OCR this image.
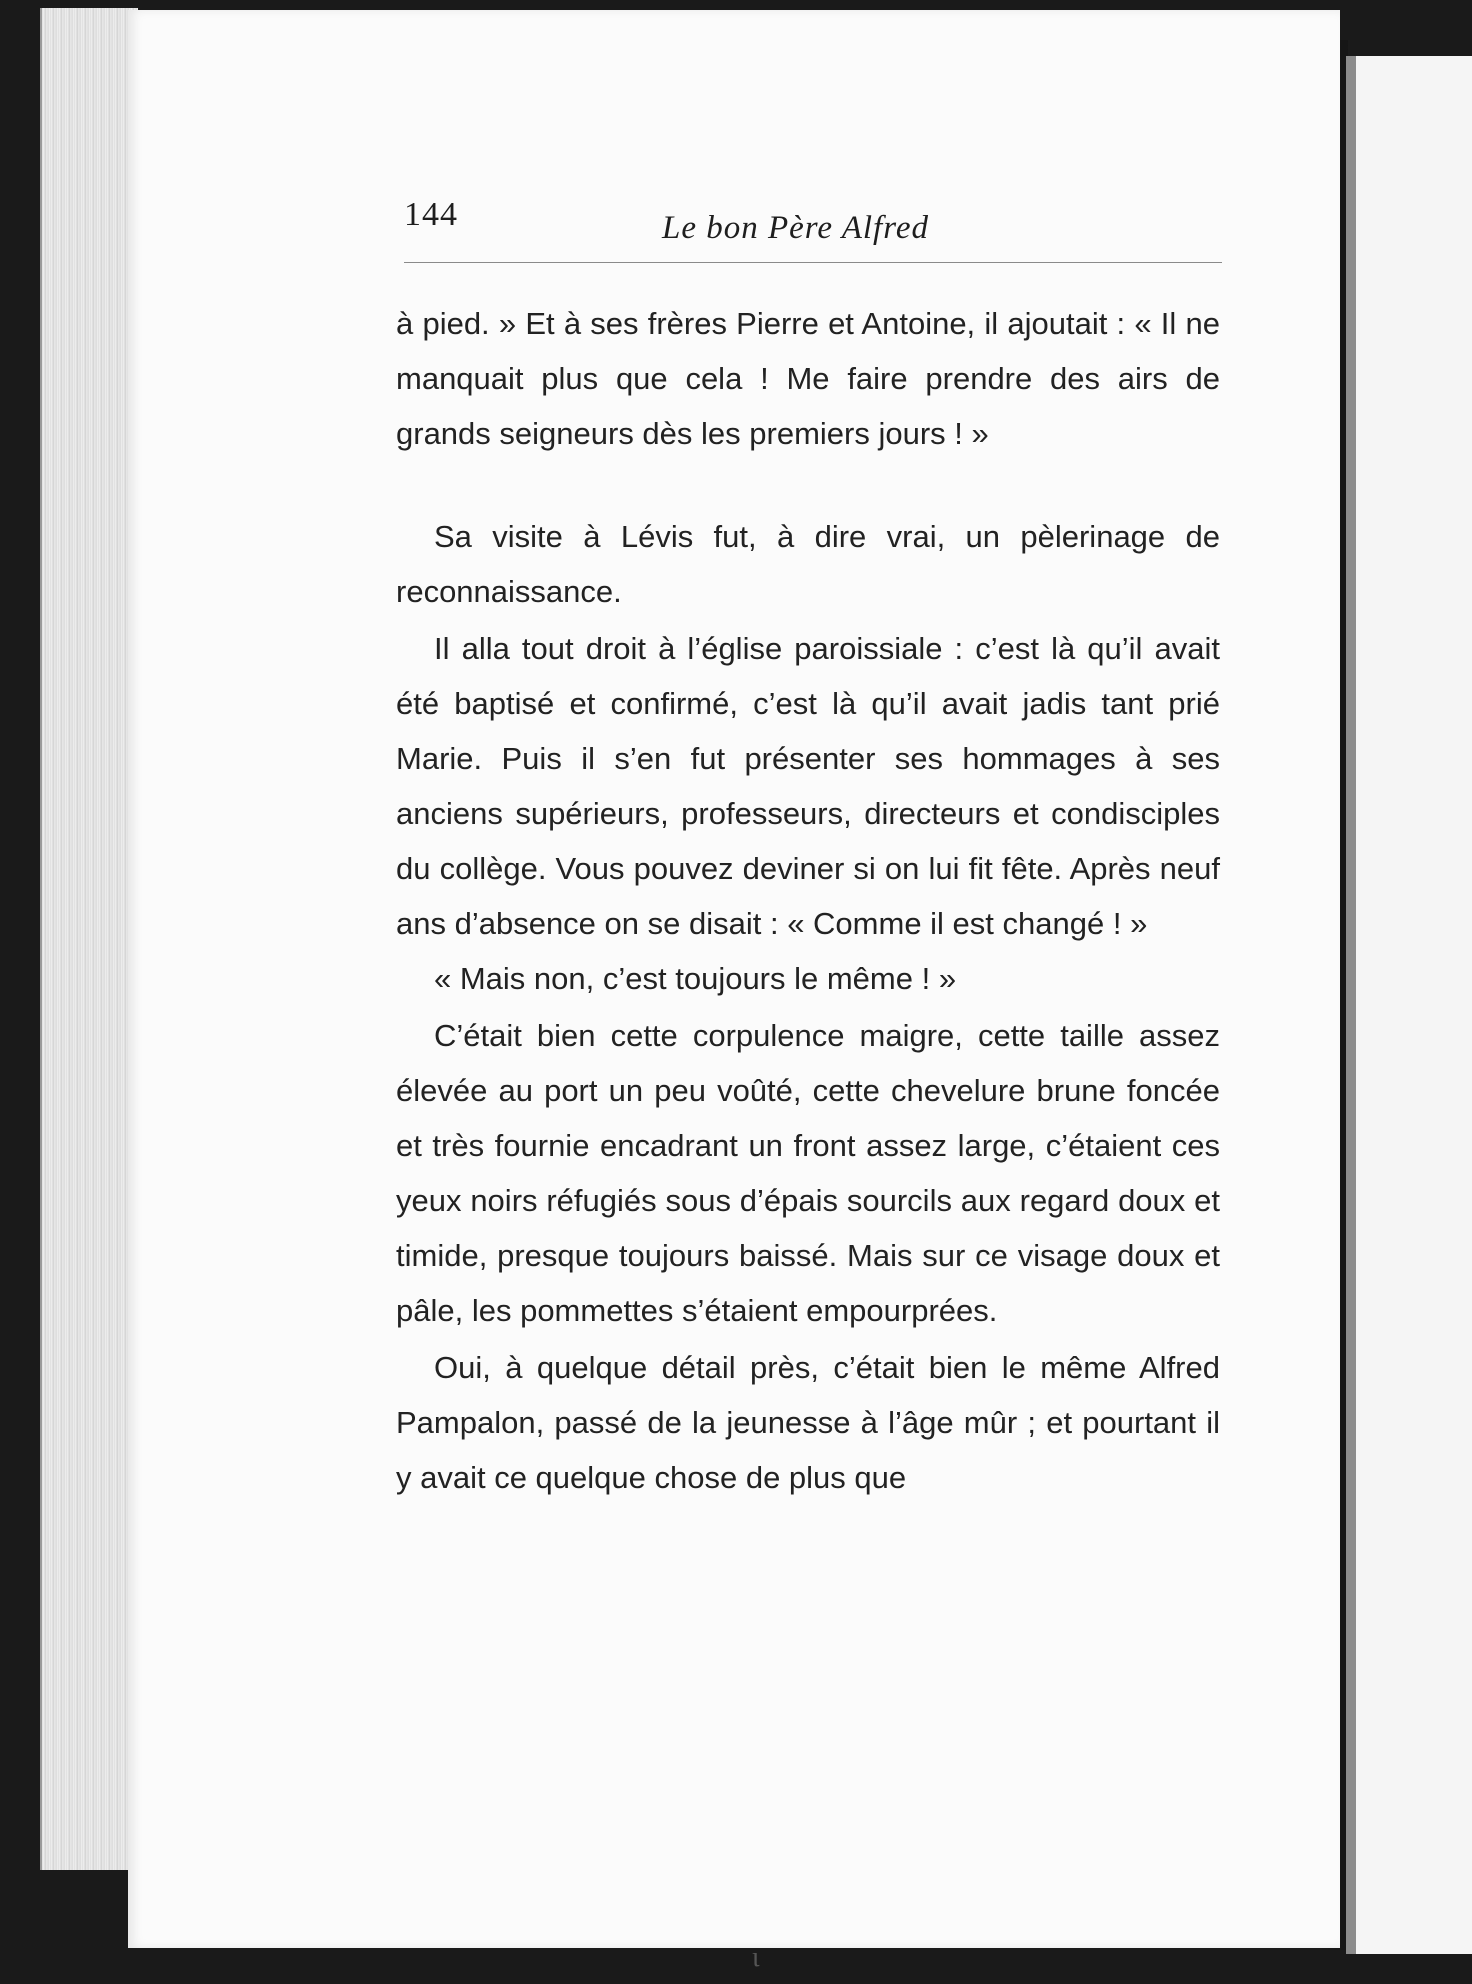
144	Le bon Père Alfred

à pied. » Et à ses frères Pierre et Antoine, il ajoutait : « Il ne manquait plus que cela ! Me faire prendre des airs de grands seigneurs dès les premiers jours ! »

Sa visite à Lévis fut, à dire vrai, un pèlerinage de reconnaissance.

Il alla tout droit à l’église paroissiale : c’est là qu’il avait été baptisé et confirmé, c’est là qu’il avait jadis tant prié Marie. Puis il s’en fut présenter ses hommages à ses anciens supérieurs, professeurs, directeurs et condisciples du collège. Vous pouvez deviner si on lui fit fête. Après neuf ans d’absence on se disait : « Comme il est changé ! »

« Mais non, c’est toujours le même ! »

C’était bien cette corpulence maigre, cette taille assez élevée au port un peu voûté, cette chevelure brune foncée et très fournie encadrant un front assez large, c’étaient ces yeux noirs réfugiés sous d’épais sourcils aux regard doux et timide, presque toujours baissé. Mais sur ce visage doux et pâle, les pommettes s’étaient empourprées.

Oui, à quelque détail près, c’était bien le même Alfred Pampalon, passé de la jeunesse à l’âge mûr ; et pourtant il y avait ce quelque chose de plus que

ι
